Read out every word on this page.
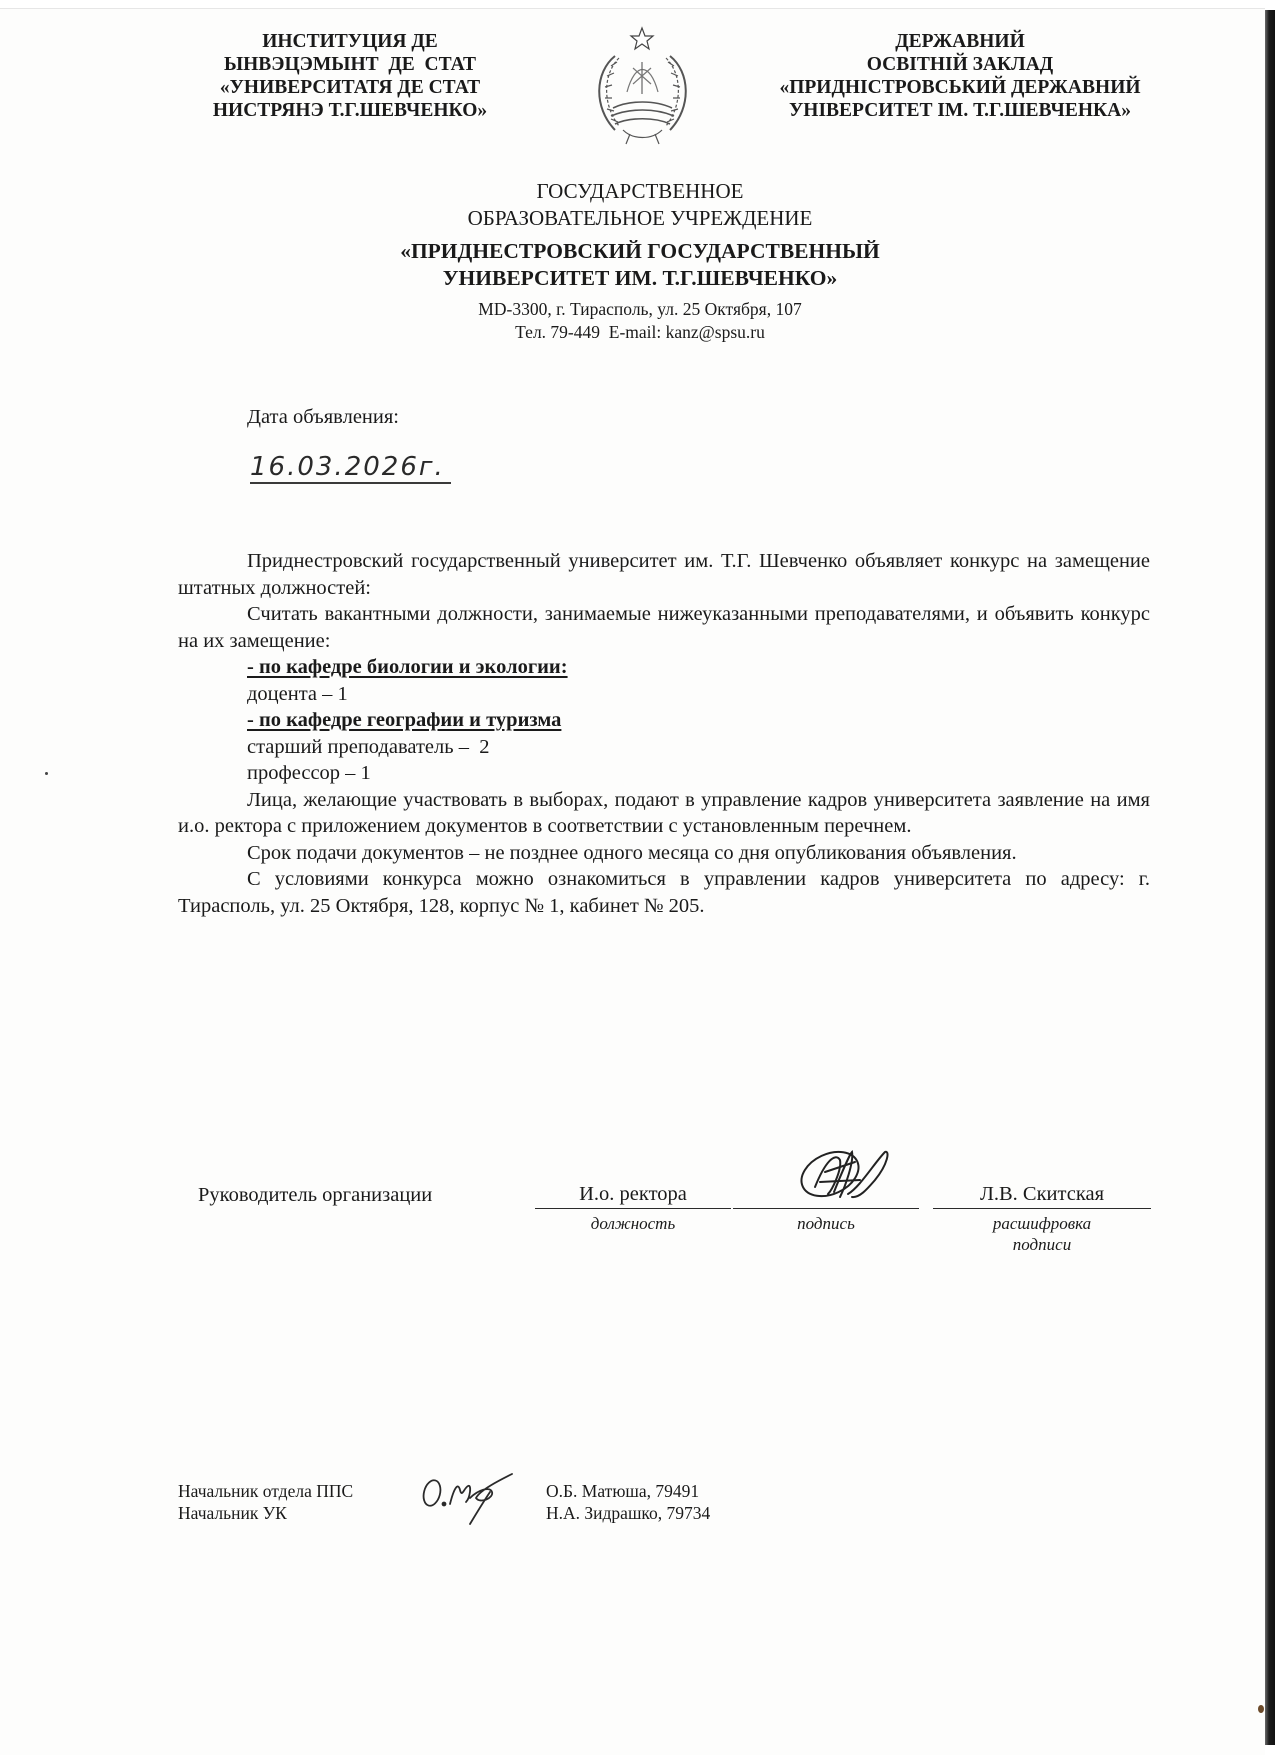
ИНСТИТУЦИЯ ДЕ
ЫНВЭЦЭМЫНТ  ДЕ  СТАТ
«УНИВЕРСИТАТЯ ДЕ СТАТ
НИСТРЯНЭ Т.Г.ШЕВЧЕНКО»
ДЕРЖАВНИЙ
ОСВІТНІЙ ЗАКЛАД
«ПРИДНІСТРОВСЬКИЙ ДЕРЖАВНИЙ
УНІВЕРСИТЕТ ІМ. Т.Г.ШЕВЧЕНКА»
ГОСУДАРСТВЕННОЕ
ОБРАЗОВАТЕЛЬНОЕ УЧРЕЖДЕНИЕ
«ПРИДНЕСТРОВСКИЙ ГОСУДАРСТВЕННЫЙ
УНИВЕРСИТЕТ ИМ. Т.Г.ШЕВЧЕНКО»
MD-3300, г. Тирасполь, ул. 25 Октября, 107
Тел. 79-449  E-mail: kanz@spsu.ru
Дата объявления:
16.03.2026г.

Приднестровский государственный университет им. Т.Г. Шевченко объявляет конкурс на замещение штатных должностей:

Считать вакантными должности, занимаемые нижеуказанными преподавателями, и объявить конкурс на их замещение:

- по кафедре биологии и экологии:

доцента – 1

- по кафедре географии и туризма

старший преподаватель –  2

профессор – 1

Лица, желающие участвовать в выборах, подают в управление кадров университета заявление на имя и.о. ректора с приложением документов в соответствии с установленным перечнем.

Срок подачи документов – не позднее одного месяца со дня опубликования объявления.

С условиями конкурса можно ознакомиться в управлении кадров университета по адресу: г. Тирасполь, ул. 25 Октября, 128, корпус № 1, кабинет № 205.

Руководитель организации	И.о. ректора
должность	подпись
Л.В. Скитская
расшифровка
подписи
Начальник отдела ППС
Начальник УК
О.Б. Матюша, 79491
Н.А. Зидрашко, 79734
